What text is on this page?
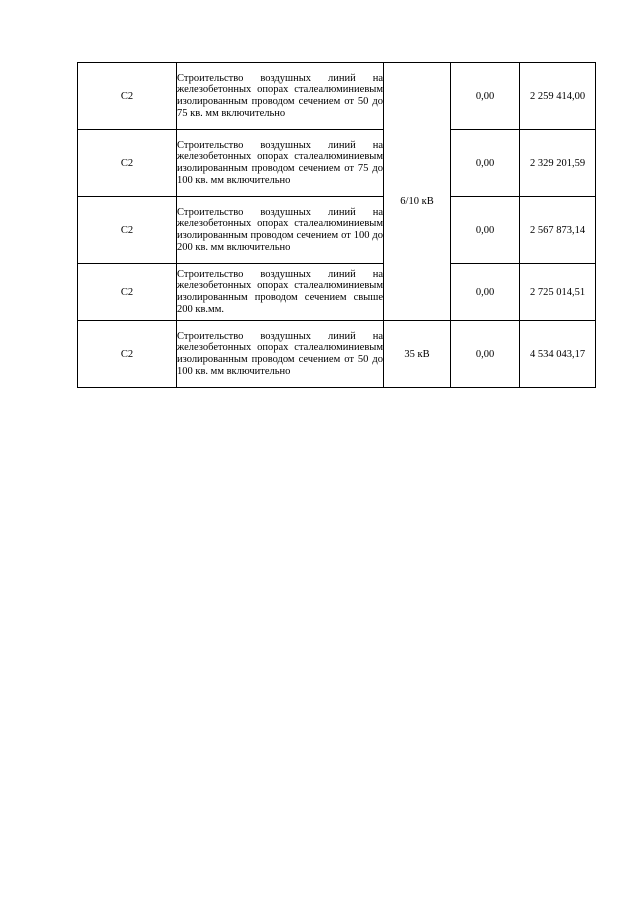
С2	Строительство воздушных линий на железобетонных опорах сталеалюминиевым изолированным проводом сечением от 50 до 75 кв. мм включительно	6/10 кВ	0,00	2 259 414,00
С2	Строительство воздушных линий на железобетонных опорах сталеалюминиевым изолированным проводом сечением от 75 до 100 кв. мм включительно		0,00	2 329 201,59
С2	Строительство воздушных линий на железобетонных опорах сталеалюминиевым изолированным проводом сечением от 100 до 200 кв. мм включительно		0,00	2 567 873,14
С2	Строительство воздушных линий на железобетонных опорах сталеалюминиевым изолированным проводом сечением свыше 200 кв.мм.		0,00	2 725 014,51
С2	Строительство воздушных линий на железобетонных опорах сталеалюминиевым изолированным проводом сечением от 50 до 100 кв. мм включительно	35 кВ	0,00	4 534 043,17
